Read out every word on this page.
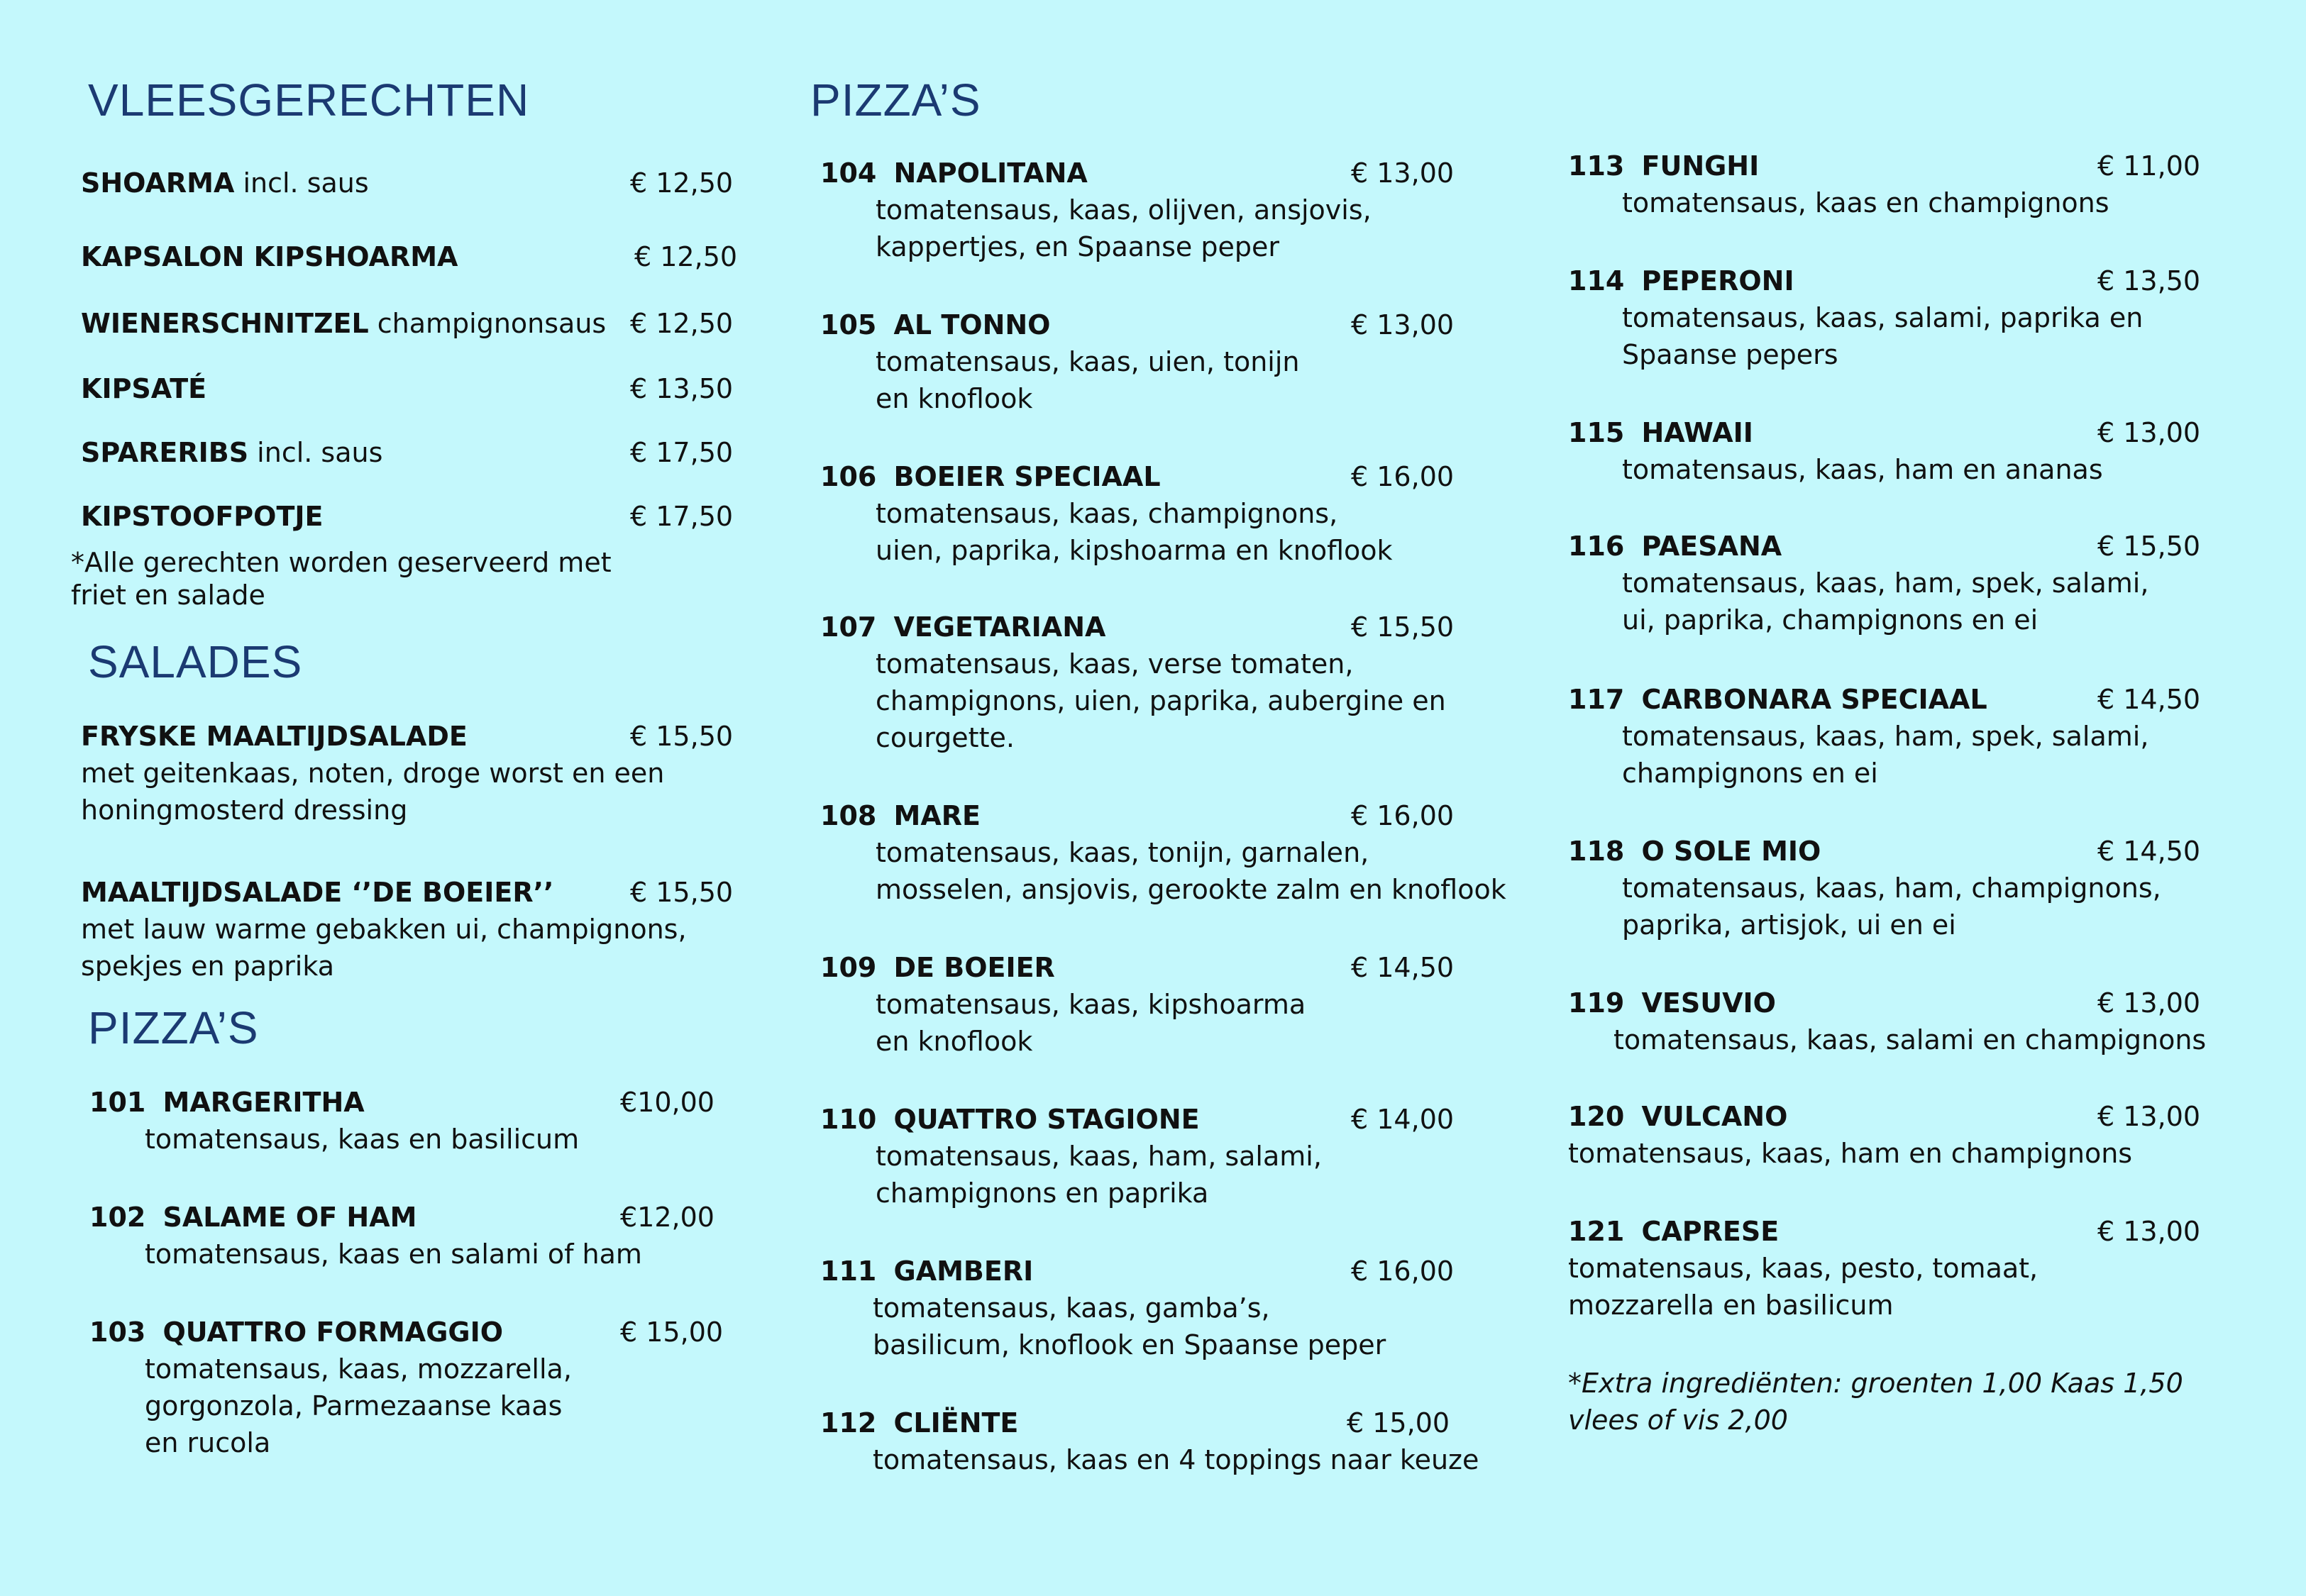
VLEESGERECHTEN
SHOARMA incl. saus	€ 12,50
KAPSALON KIPSHOARMA	€ 12,50
WIENERSCHNITZEL champignonsaus € 12,50
KIPSATÉ	€ 13,50
SPARERIBS incl. saus	€ 17,50
KIPSTOOFPOTJE	€ 17,50
*Alle gerechten worden geserveerd met
friet en salade
SALADES
FRYSKE MAALTIJDSALADE	€ 15,50
met geitenkaas, noten, droge worst en een
honingmosterd dressing
MAALTIJDSALADE ‘’DE BOEIER’’	€ 15,50
met lauw warme gebakken ui, champignons,
spekjes en paprika
PIZZA’S
101 MARGERITHA	€10,00
tomatensaus, kaas en basilicum
102 SALAME OF HAM	€12,00
tomatensaus, kaas en salami of ham
103 QUATTRO FORMAGGIO	€ 15,00
tomatensaus, kaas, mozzarella,
gorgonzola, Parmezaanse kaas
en rucola
PIZZA’S
104 NAPOLITANA	€ 13,00
tomatensaus, kaas, olijven, ansjovis,
kappertjes, en Spaanse peper
105 AL TONNO	€ 13,00
tomatensaus, kaas, uien, tonijn
en knoflook
106 BOEIER SPECIAAL	€ 16,00
tomatensaus, kaas, champignons,
uien, paprika, kipshoarma en knoflook
107 VEGETARIANA	€ 15,50
tomatensaus, kaas, verse tomaten,
champignons, uien, paprika, aubergine en
courgette.
108 MARE	€ 16,00
tomatensaus, kaas, tonijn, garnalen,
mosselen, ansjovis, gerookte zalm en knoflook
109 DE BOEIER	€ 14,50
tomatensaus, kaas, kipshoarma
en knoflook
110 QUATTRO STAGIONE	€ 14,00
tomatensaus, kaas, ham, salami,
champignons en paprika
111 GAMBERI	€ 16,00
tomatensaus, kaas, gamba’s,
basilicum, knoflook en Spaanse peper
112 CLIËNTE	€ 15,00
tomatensaus, kaas en 4 toppings naar keuze
113 FUNGHI	€ 11,00
tomatensaus, kaas en champignons
114 PEPERONI	€ 13,50
tomatensaus, kaas, salami, paprika en
Spaanse pepers
115 HAWAII	€ 13,00
tomatensaus, kaas, ham en ananas
116 PAESANA	€ 15,50
tomatensaus, kaas, ham, spek, salami,
ui, paprika, champignons en ei
117 CARBONARA SPECIAAL	€ 14,50
tomatensaus, kaas, ham, spek, salami,
champignons en ei
118 O SOLE MIO	€ 14,50
tomatensaus, kaas, ham, champignons,
paprika, artisjok, ui en ei
119 VESUVIO	€ 13,00
tomatensaus, kaas, salami en champignons
120 VULCANO	€ 13,00
tomatensaus, kaas, ham en champignons
121 CAPRESE	€ 13,00
tomatensaus, kaas, pesto, tomaat,
mozzarella en basilicum
*Extra ingrediënten: groenten 1,00 Kaas 1,50
vlees of vis 2,00
